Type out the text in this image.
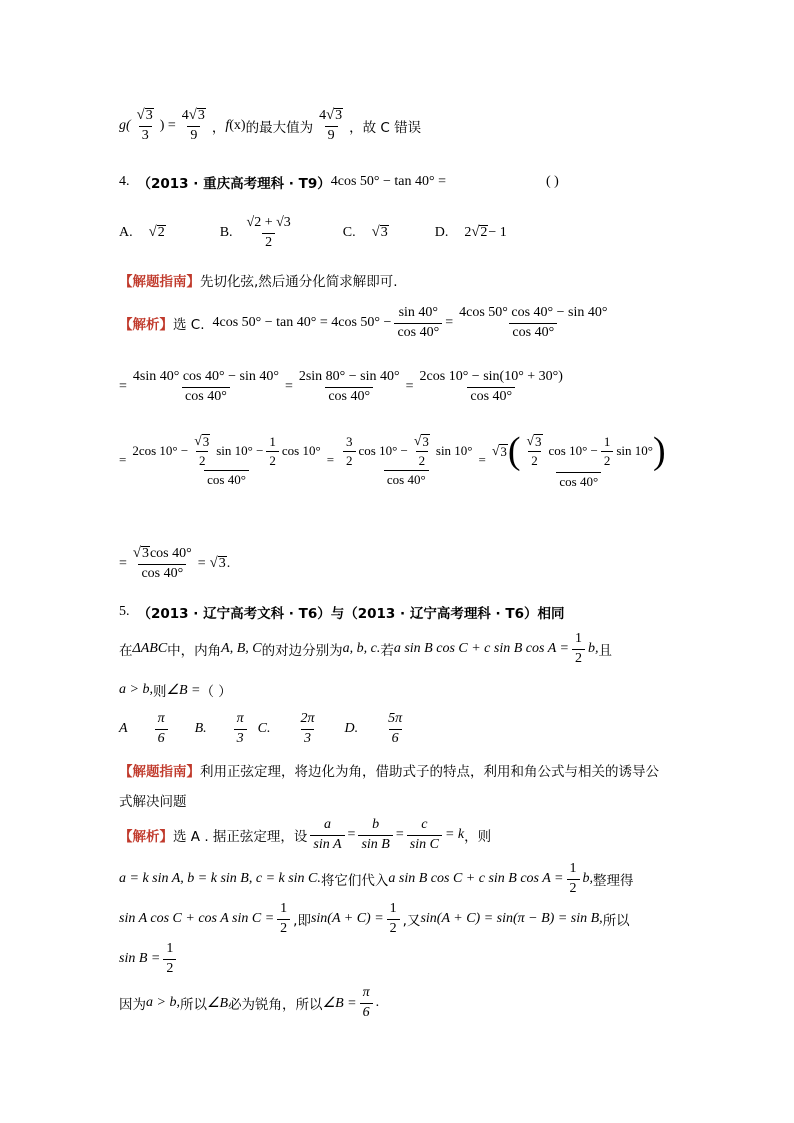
$g( \frac{√ 3}{3}$ ) = $\frac{4 √ 3}{9}$ ， f (x) 的最大值为 $\frac{4 √ 3}{9}$ ，故 C 错误
4. （2013 · 重庆高考理科 · T9） 4cos 50° − tan 40° =	( )
A. √ 2	B. $\frac{√2 + √3}{2}$	C. √ 3	D. 2 √ 2 − 1
【解题指南】 先切化弦,然后通分化简求解即可.
【解析】 选 C. 4cos 50° − tan 40° = 4cos $50^\circ - \frac{\sin 40^\circ}{\cos 40^\circ} = \frac{4\cos 50^\circ \cos 40^\circ - \sin 40^\circ}{\cos 40^\circ}$
= $\frac{4\sin 40^\circ \cos 40^\circ - \sin 40^\circ}{\cos 40^\circ} = \frac{2\sin 80^\circ - \sin 40^\circ}{\cos 40^\circ} = \frac{2\cos 10^\circ - \sin(10^\circ + 30^\circ)}{\cos 40^\circ}$
= $\frac{2\cos 10^\circ - \frac{√ 3}{2} \sin 10^\circ - \frac{1}{2} \cos 10^\circ}{\cos 40^\circ} = \frac{\frac{3}{2} \cos 10^\circ - \frac{√ 3}{2} \sin 10^\circ}{\cos 40^\circ}$ =
√ 3 ( $\frac{√ 3}{2}$ $\cos 10^\circ - \frac{1}{2}$ sin 10° )
cos 40°
= $\frac{√ 3 \cos 40^\circ}{\cos 40^\circ}$ = √ 3 .
5. （2013 · 辽宁高考文科 · T6）与（2013 · 辽宁高考理科 · T6）相同
在 ΔABC 中，内角 A, B, C 的对边分别为 a, b, c. 若 a sin B cos C + c sin B $\cos A = \frac{1}{2} b$, 且
a > b, 则 ∠B = （ ）
A $\frac{\pi}{6} B$. $\frac{\pi}{3} C$. $\frac{2\pi}{3} D$. $\frac{5\pi}{6}$
【解题指南】 利用正弦定理，将边化为角，借助式子的特点，利用和角公式与相关的诱导公
式解决问题
【解析】 选 A . 据正弦定理，设 $\frac{a}{\text{sin A}} = \frac{b}{\text{sin B}} = \frac{c}{\text{sin C}} = k$ ，则
a = k sin A, b = k sin B, c = k sin C. 将它们代入 a sin B cos C + c sin B $\cos A = \frac{1}{2} b$, 整理得
sin A cos C + cos A $\sin C = \frac{1}{2}$ ,即 $\sin(A + C) = \frac{1}{2}$ ,又 sin(A + C) = sin(π − B) = sin B, 所以
$\sin B = \frac{1}{2}$
因为 a > b, 所以 ∠B 必为锐角，所以 ∠B = $\frac{\pi}{6}$ .
